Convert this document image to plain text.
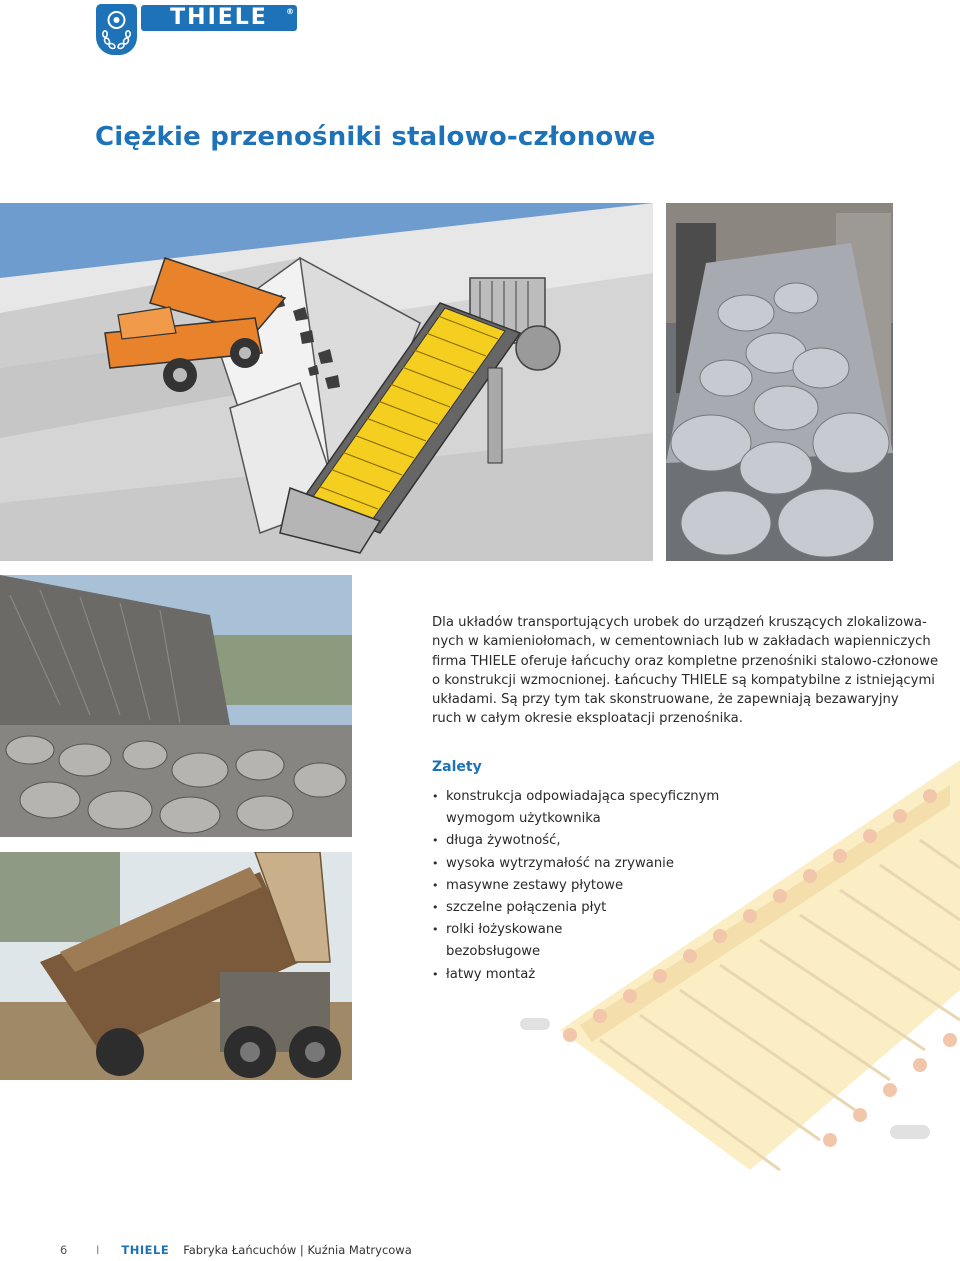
THIELE ®
Ciężkie przenośniki stalowo-członowe
Dla układów transportujących urobek do urządzeń kruszących zlokalizowa-
nych w kamieniołomach, w cementowniach lub w zakładach wapienniczych
firma THIELE oferuje łańcuchy oraz kompletne przenośniki stalowo-członowe
o konstrukcji wzmocnionej. Łańcuchy THIELE są kompatybilne z istniejącymi
układami. Są przy tym tak skonstruowane, że zapewniają bezawaryjny
ruch w całym okresie eksploatacji przenośnika.
Zalety
• konstrukcja odpowiadająca specyficznym
wymogom użytkownika
• długa żywotność,
• wysoka wytrzymałość na zrywanie
• masywne zestawy płytowe
• szczelne połączenia płyt
• rolki łożyskowane
bezobsługowe
• łatwy montaż
6 I THIELE Fabryka Łańcuchów | Kuźnia Matrycowa
